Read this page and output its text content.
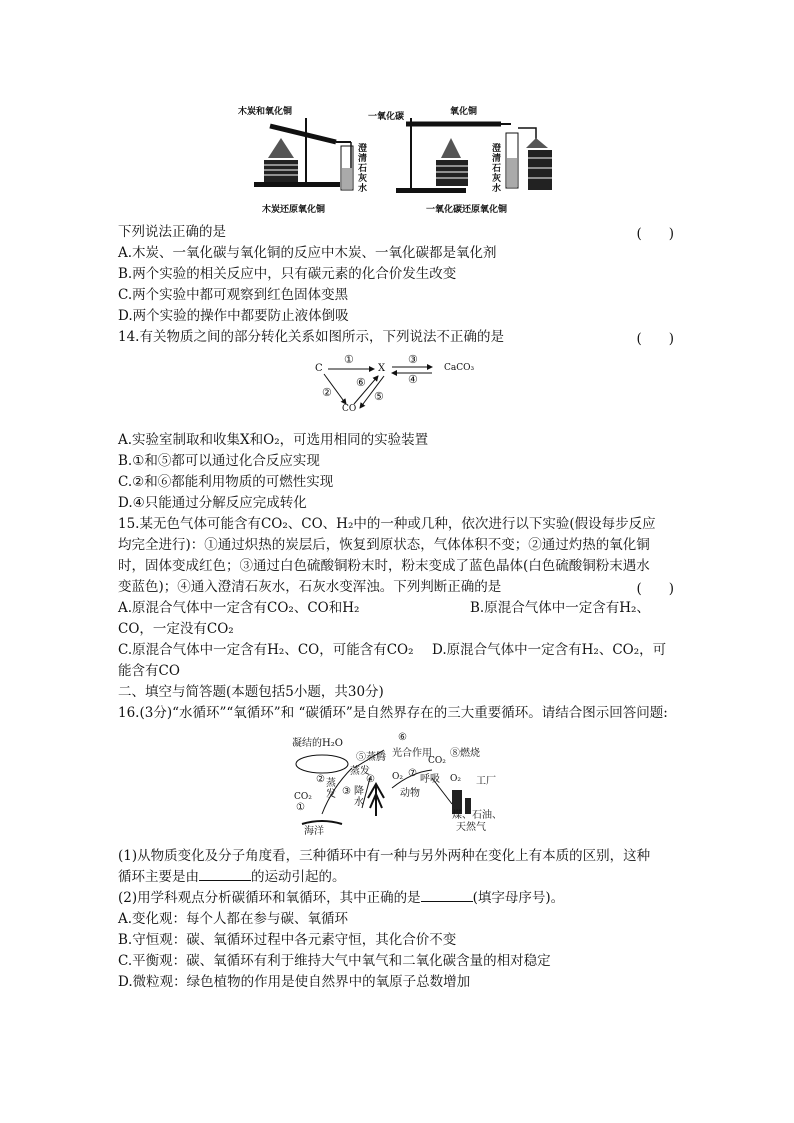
木炭和氧化铜
澄清石灰水
木炭还原氧化铜
一氧化碳	氧化铜
澄清石灰水
一氧化碳还原氧化铜
下列说法正确的是	(　　)
A.木炭、一氧化碳与氧化铜的反应中木炭、一氧化碳都是氧化剂
B.两个实验的相关反应中，只有碳元素的化合价发生改变
C.两个实验中都可观察到红色固体变黑
D.两个实验的操作中都要防止液体倒吸
14.有关物质之间的部分转化关系如图所示，下列说法不正确的是	(　　)
C	X	CaCO₃
CO
①
②
③
④
⑤
⑥
A.实验室制取和收集X和O₂，可选用相同的实验装置
B.①和⑤都可以通过化合反应实现
C.②和⑥都能利用物质的可燃性实现
D.④只能通过分解反应完成转化
15.某无色气体可能含有CO₂、CO、H₂中的一种或几种，依次进行以下实验(假设每步反应
均完全进行)：①通过炽热的炭层后，恢复到原状态，气体体积不变；②通过灼热的氧化铜
时，固体变成红色；③通过白色硫酸铜粉末时，粉末变成了蓝色晶体(白色硫酸铜粉末遇水
变蓝色)；④通入澄清石灰水，石灰水变浑浊。下列判断正确的是	(　　)
A.原混合气体中一定含有CO₂、CO和H₂	B.原混合气体中一定含有H₂、
CO，一定没有CO₂
C.原混合气体中一定含有H₂、CO，可能含有CO₂ D.原混合气体中一定含有H₂、CO₂，可
能含有CO
二、填空与简答题(本题包括5小题，共30分)
16.(3分)“水循环”“氧循环”和 “碳循环”是自然界存在的三大重要循环。请结合图示回答问题:
凝结的H₂O
⑤蒸腾
⑥
光合作用
CO₂
⑧燃烧
蒸发
④ O₂ ⑦
呼吸	工厂
② 蒸发 ③ 降水
动物
O₂
CO₂
①
煤、石油、
天然气
海洋
(1)从物质变化及分子角度看，三种循环中有一种与另外两种在变化上有本质的区别，这种
循环主要是由	的运动引起的。
(2)用学科观点分析碳循环和氧循环，其中正确的是	(填字母序号)。
A.变化观：每个人都在参与碳、氧循环
B.守恒观：碳、氧循环过程中各元素守恒，其化合价不变
C.平衡观：碳、氧循环有利于维持大气中氧气和二氧化碳含量的相对稳定
D.微粒观：绿色植物的作用是使自然界中的氧原子总数增加
